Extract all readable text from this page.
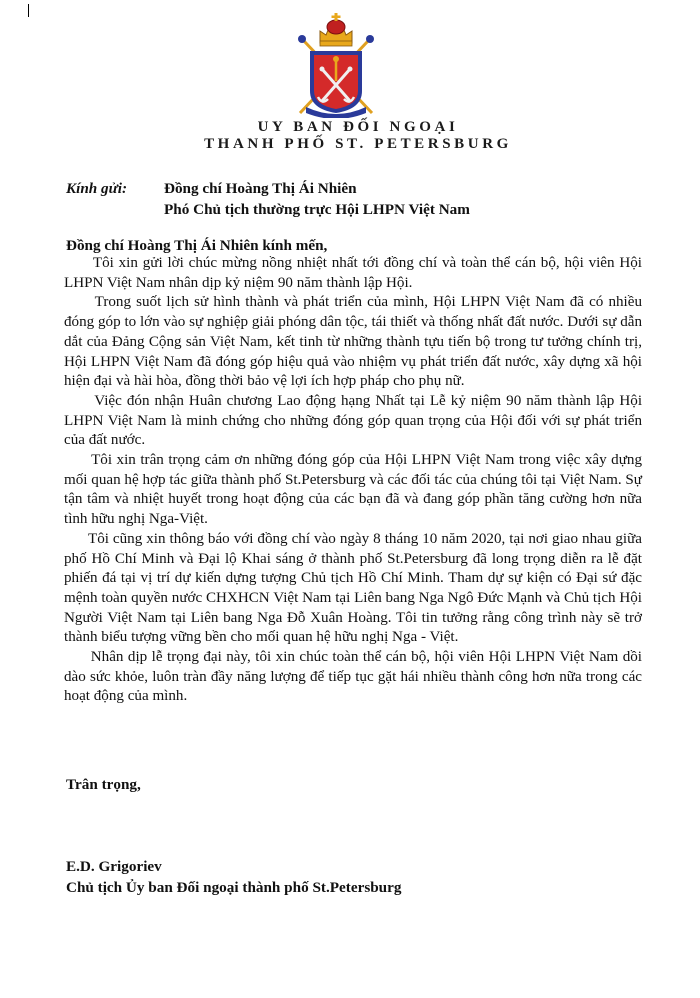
UY BAN ĐỐI NGOẠI
THANH PHỐ ST. PETERSBURG
Kính gửi: Đồng chí Hoàng Thị Ái Nhiên
Phó Chủ tịch thường trực Hội LHPN Việt Nam
Đồng chí Hoàng Thị Ái Nhiên kính mến,

Tôi xin gửi lời chúc mừng nồng nhiệt nhất tới đồng chí và toàn thể cán bộ, hội viên Hội LHPN Việt Nam nhân dịp kỷ niệm 90 năm thành lập Hội.

Trong suốt lịch sử hình thành và phát triển của mình, Hội LHPN Việt Nam đã có nhiều đóng góp to lớn vào sự nghiệp giải phóng dân tộc, tái thiết và thống nhất đất nước. Dưới sự dẫn dắt của Đảng Cộng sản Việt Nam, kết tinh từ những thành tựu tiến bộ trong tư tưởng chính trị, Hội LHPN Việt Nam đã đóng góp hiệu quả vào nhiệm vụ phát triển đất nước, xây dựng xã hội hiện đại và hài hòa, đồng thời bảo vệ lợi ích hợp pháp cho phụ nữ.

Việc đón nhận Huân chương Lao động hạng Nhất tại Lễ kỷ niệm 90 năm thành lập Hội LHPN Việt Nam là minh chứng cho những đóng góp quan trọng của Hội đối với sự phát triển của đất nước.

Tôi xin trân trọng cảm ơn những đóng góp của Hội LHPN Việt Nam trong việc xây dựng mối quan hệ hợp tác giữa thành phố St.Petersburg và các đối tác của chúng tôi tại Việt Nam. Sự tận tâm và nhiệt huyết trong hoạt động của các bạn đã và đang góp phần tăng cường hơn nữa tình hữu nghị Nga-Việt.

Tôi cũng xin thông báo với đồng chí vào ngày 8 tháng 10 năm 2020, tại nơi giao nhau giữa phố Hồ Chí Minh và Đại lộ Khai sáng ở thành phố St.Petersburg đã long trọng diễn ra lễ đặt phiến đá tại vị trí dự kiến dựng tượng Chủ tịch Hồ Chí Minh. Tham dự sự kiện có Đại sứ đặc mệnh toàn quyền nước CHXHCN Việt Nam tại Liên bang Nga Ngô Đức Mạnh và Chủ tịch Hội Người Việt Nam tại Liên bang Nga Đỗ Xuân Hoàng. Tôi tin tưởng rằng công trình này sẽ trở thành biểu tượng vững bền cho mối quan hệ hữu nghị Nga - Việt.

Nhân dịp lễ trọng đại này, tôi xin chúc toàn thể cán bộ, hội viên Hội LHPN Việt Nam dồi dào sức khỏe, luôn tràn đầy năng lượng để tiếp tục gặt hái nhiều thành công hơn nữa trong các hoạt động của mình.

Trân trọng,
E.D. Grigoriev
Chủ tịch Ủy ban Đối ngoại thành phố St.Petersburg
